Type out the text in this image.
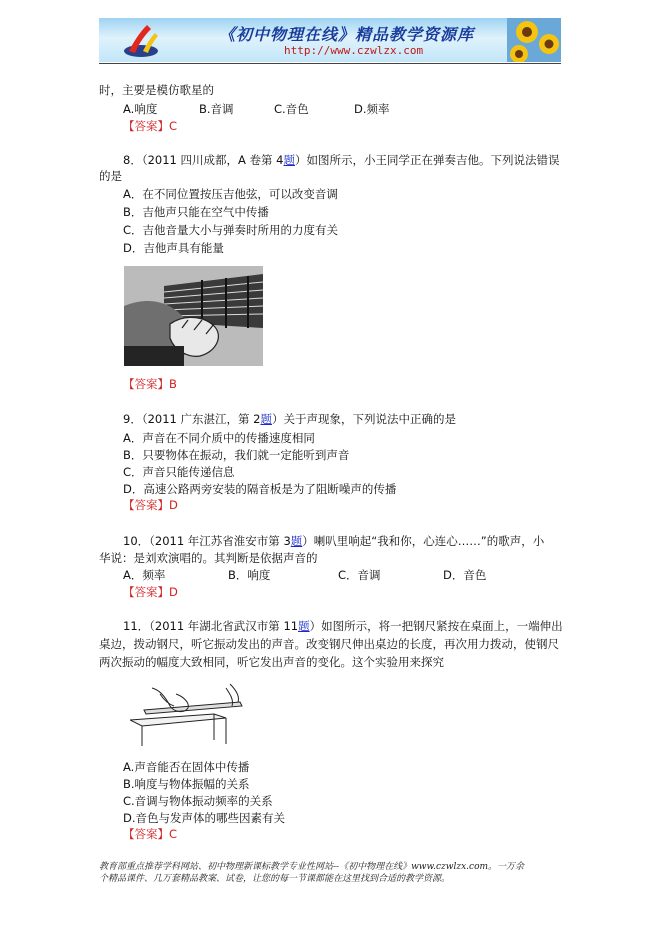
《初中物理在线》精品教学资源库
http://www.czwlzx.com
时，主要是模仿歌星的
A.响度	B.音调	C.音色	D.频率
【答案】C
8．（2011 四川成都，A 卷第 4题）如图所示，小王同学正在弹奏吉他。下列说法错误
的是
A．在不同位置按压吉他弦，可以改变音调
B．吉他声只能在空气中传播
C．吉他音量大小与弹奏时所用的力度有关
D．吉他声具有能量
【答案】B
9．（2011 广东湛江，第 2题）关于声现象，下列说法中正确的是
A．声音在不同介质中的传播速度相同
B．只要物体在振动，我们就一定能听到声音
C．声音只能传递信息
D．高速公路两旁安装的隔音板是为了阻断噪声的传播
【答案】D
10．（2011 年江苏省淮安市第 3题）喇叭里响起“我和你，心连心……”的歌声，小
华说：是刘欢演唱的。其判断是依据声音的
A．频率	B．响度	C．音调	D．音色
【答案】D
11．（2011 年湖北省武汉市第 11题）如图所示，将一把钢尺紧按在桌面上，一端伸出
桌边，拨动钢尺，听它振动发出的声音。改变钢尺伸出桌边的长度，再次用力拨动，使钢尺
两次振动的幅度大致相同，听它发出声音的变化。这个实验用来探究
A.声音能否在固体中传播
B.响度与物体振幅的关系
C.音调与物体振动频率的关系
D.音色与发声体的哪些因素有关
【答案】C
教育部重点推荐学科网站、初中物理新课标教学专业性网站--《初中物理在线》www.czwlzx.com。一万余
个精品课件、几万套精品教案、试卷，让您的每一节课都能在这里找到合适的教学资源。
